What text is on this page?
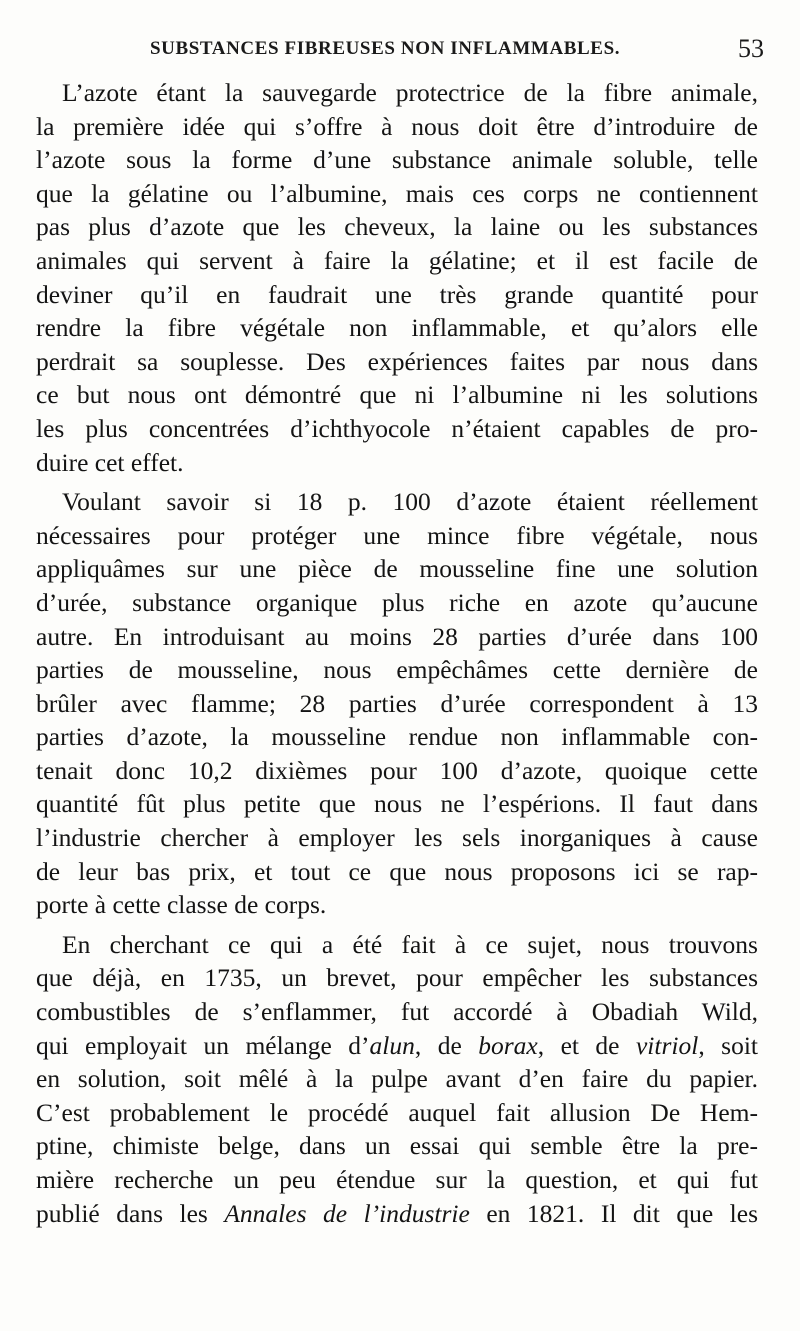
SUBSTANCES FIBREUSES NON INFLAMMABLES.	53
L’azote étant la sauvegarde protectrice de la fibre animale,
la première idée qui s’offre à nous doit être d’introduire de
l’azote sous la forme d’une substance animale soluble, telle
que la gélatine ou l’albumine, mais ces corps ne contiennent
pas plus d’azote que les cheveux, la laine ou les substances
animales qui servent à faire la gélatine; et il est facile de
deviner qu’il en faudrait une très grande quantité pour
rendre la fibre végétale non inflammable, et qu’alors elle
perdrait sa souplesse. Des expériences faites par nous dans
ce but nous ont démontré que ni l’albumine ni les solutions
les plus concentrées d’ichthyocole n’étaient capables de pro-
duire cet effet.
Voulant savoir si 18 p. 100 d’azote étaient réellement
nécessaires pour protéger une mince fibre végétale, nous
appliquâmes sur une pièce de mousseline fine une solution
d’urée, substance organique plus riche en azote qu’aucune
autre. En introduisant au moins 28 parties d’urée dans 100
parties de mousseline, nous empêchâmes cette dernière de
brûler avec flamme; 28 parties d’urée correspondent à 13
parties d’azote, la mousseline rendue non inflammable con-
tenait donc 10,2 dixièmes pour 100 d’azote, quoique cette
quantité fût plus petite que nous ne l’espérions. Il faut dans
l’industrie chercher à employer les sels inorganiques à cause
de leur bas prix, et tout ce que nous proposons ici se rap-
porte à cette classe de corps.
En cherchant ce qui a été fait à ce sujet, nous trouvons
que déjà, en 1735, un brevet, pour empêcher les substances
combustibles de s’enflammer, fut accordé à Obadiah Wild,
qui employait un mélange d’alun, de borax, et de vitriol, soit
en solution, soit mêlé à la pulpe avant d’en faire du papier.
C’est probablement le procédé auquel fait allusion De Hem-
ptine, chimiste belge, dans un essai qui semble être la pre-
mière recherche un peu étendue sur la question, et qui fut
publié dans les Annales de l’industrie en 1821. Il dit que les
